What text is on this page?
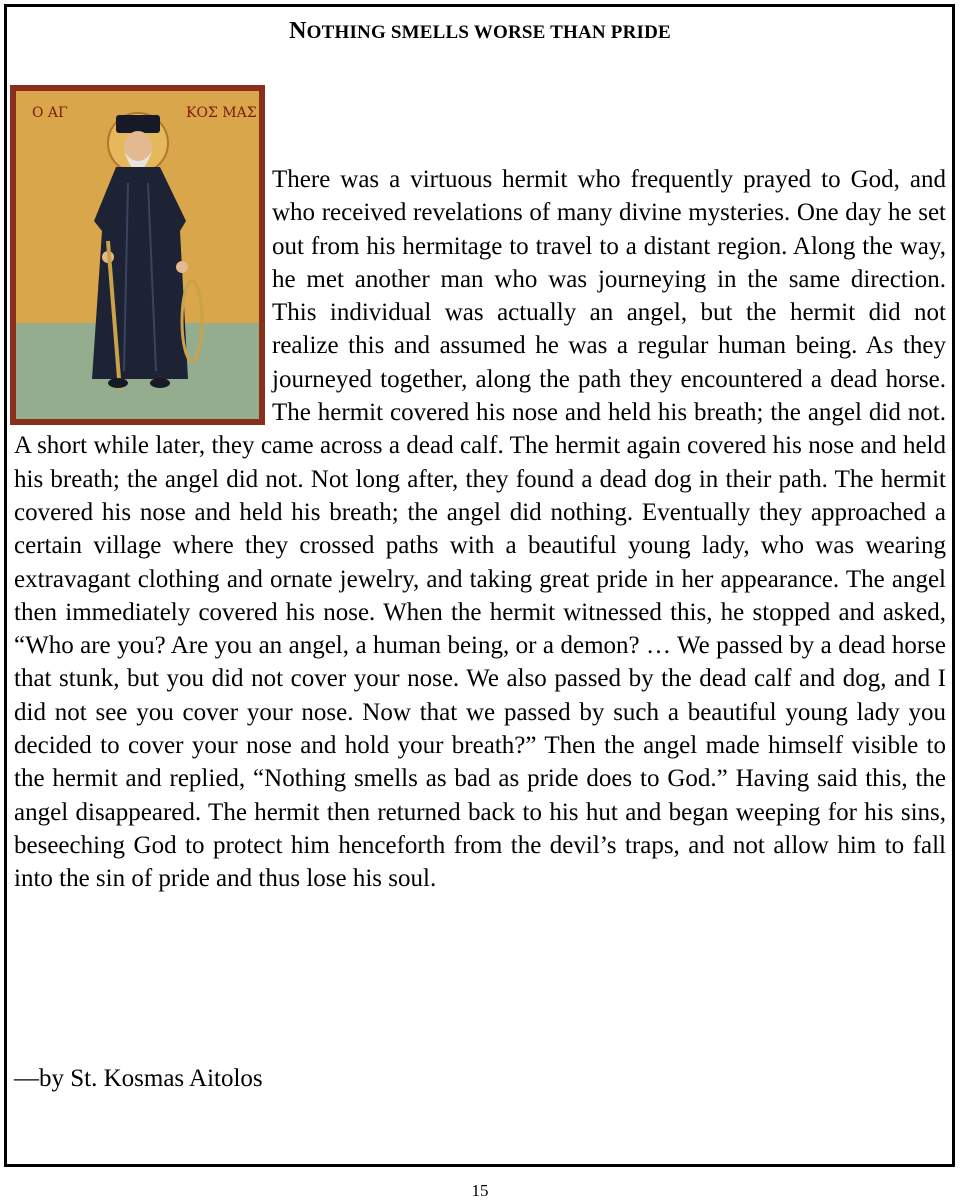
NOTHING SMELLS WORSE THAN PRIDE
Ο ΑΓ	ΚΟΣ ΜΑΣ

There was a virtuous hermit who frequently prayed to God, and who received revelations of many divine mysteries. One day he set out from his hermitage to travel to a distant region. Along the way, he met another man who was journeying in the same direction. This individual was actually an angel, but the hermit did not realize this and assumed he was a regular human being. As they journeyed together, along the path they encountered a dead horse. The hermit covered his nose and held his breath; the angel did not. A short while later, they came across a dead calf. The hermit again covered his nose and held his breath; the angel did not. Not long after, they found a dead dog in their path. The hermit covered his nose and held his breath; the angel did nothing. Eventually they approached a certain village where they crossed paths with a beautiful young lady, who was wearing extravagant clothing and ornate jewelry, and taking great pride in her appearance. The angel then immediately covered his nose. When the hermit witnessed this, he stopped and asked, “Who are you? Are you an angel, a human being, or a demon? … We passed by a dead horse that stunk, but you did not cover your nose. We also passed by the dead calf and dog, and I did not see you cover your nose. Now that we passed by such a beautiful young lady you decided to cover your nose and hold your breath?” Then the angel made himself visible to the hermit and replied, “Nothing smells as bad as pride does to God.” Having said this, the angel disappeared. The hermit then returned back to his hut and began weeping for his sins, beseeching God to protect him henceforth from the devil’s traps, and not allow him to fall into the sin of pride and thus lose his soul.

—by St. Kosmas Aitolos
15
